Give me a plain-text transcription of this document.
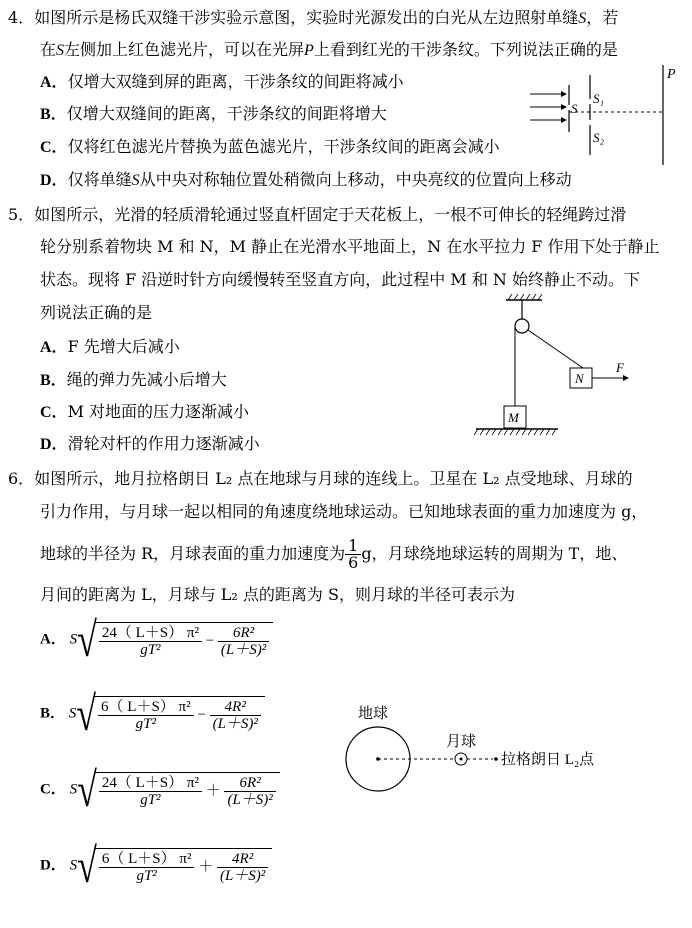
4．如图所示是杨氏双缝干涉实验示意图，实验时光源发出的白光从左边照射单缝S，若
在S左侧加上红色滤光片，可以在光屏P上看到红光的干涉条纹。下列说法正确的是
A．仅增大双缝到屏的距离，干涉条纹的间距将减小
B．仅增大双缝间的距离，干涉条纹的间距将增大
C．仅将红色滤光片替换为蓝色滤光片，干涉条纹间的距离会减小
D．仅将单缝S从中央对称轴位置处稍微向上移动，中央亮纹的位置向上移动
S
S₁
S₂
P
5．如图所示，光滑的轻质滑轮通过竖直杆固定于天花板上，一根不可伸长的轻绳跨过滑
轮分别系着物块 M 和 N，M 静止在光滑水平地面上，N 在水平拉力 F 作用下处于静止
状态。现将 F 沿逆时针方向缓慢转至竖直方向，此过程中 M 和 N 始终静止不动。下
列说法正确的是
A．F 先增大后减小
B．绳的弹力先减小后增大
C．M 对地面的压力逐渐减小
D．滑轮对杆的作用力逐渐减小
N
F
M
6．如图所示，地月拉格朗日 L₂ 点在地球与月球的连线上。卫星在 L₂ 点受地球、月球的
引力作用，与月球一起以相同的角速度绕地球运动。已知地球表面的重力加速度为 g，
地球的半径为 R，月球表面的重力加速度为 $\frac{1}{6}$ g，月球绕地球运转的周期为 T，地、
月间的距离为 L，月球与 L₂ 点的距离为 S，则月球的半径可表示为
A． $S√ \frac{\text{24（ L＋S） π²}}{\text{gT²}} - \frac{\text{6R²}}{\text{(L＋S)²}}$
B． $S√ \frac{\text{6（ L＋S） π²}}{\text{gT²}} - \frac{\text{4R²}}{\text{(L＋S)²}}$
C． $S√ \frac{\text{24（ L＋S） π²}}{\text{gT²}} + \frac{\text{6R²}}{\text{(L＋S)²}}$
D． $S√ \frac{\text{6（ L＋S） π²}}{\text{gT²}} + \frac{\text{4R²}}{\text{(L＋S)²}}$
地球
月球
拉格朗日 L₂点
